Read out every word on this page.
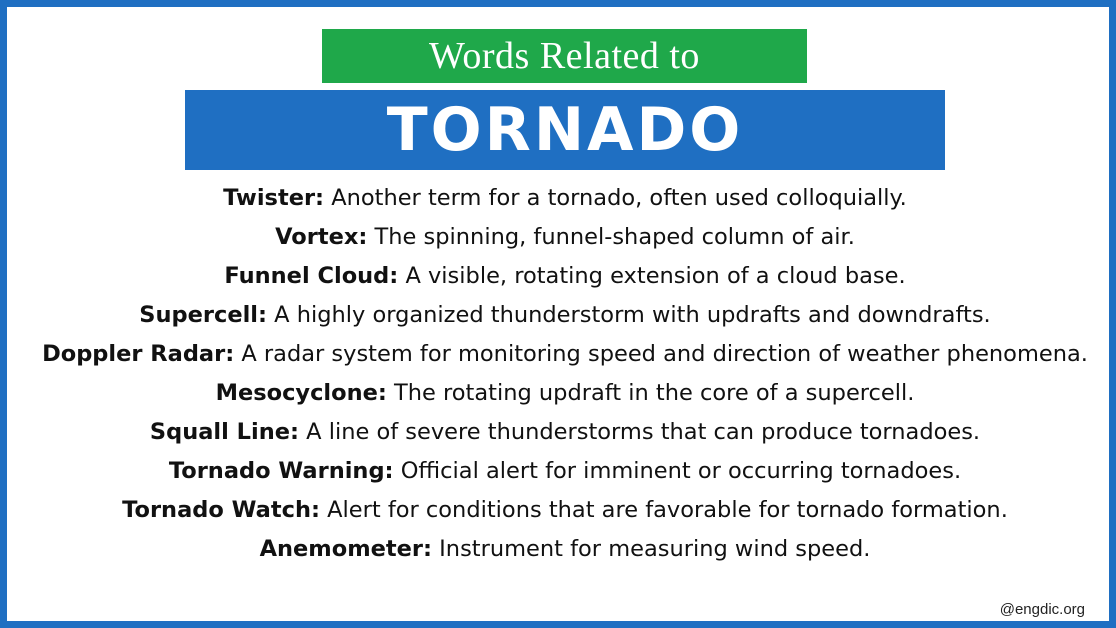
Words Related to
TORNADO
Twister: Another term for a tornado, often used colloquially.
Vortex: The spinning, funnel-shaped column of air.
Funnel Cloud: A visible, rotating extension of a cloud base.
Supercell: A highly organized thunderstorm with updrafts and downdrafts.
Doppler Radar: A radar system for monitoring speed and direction of weather phenomena.
Mesocyclone: The rotating updraft in the core of a supercell.
Squall Line: A line of severe thunderstorms that can produce tornadoes.
Tornado Warning: Official alert for imminent or occurring tornadoes.
Tornado Watch: Alert for conditions that are favorable for tornado formation.
Anemometer: Instrument for measuring wind speed.
@engdic.org
